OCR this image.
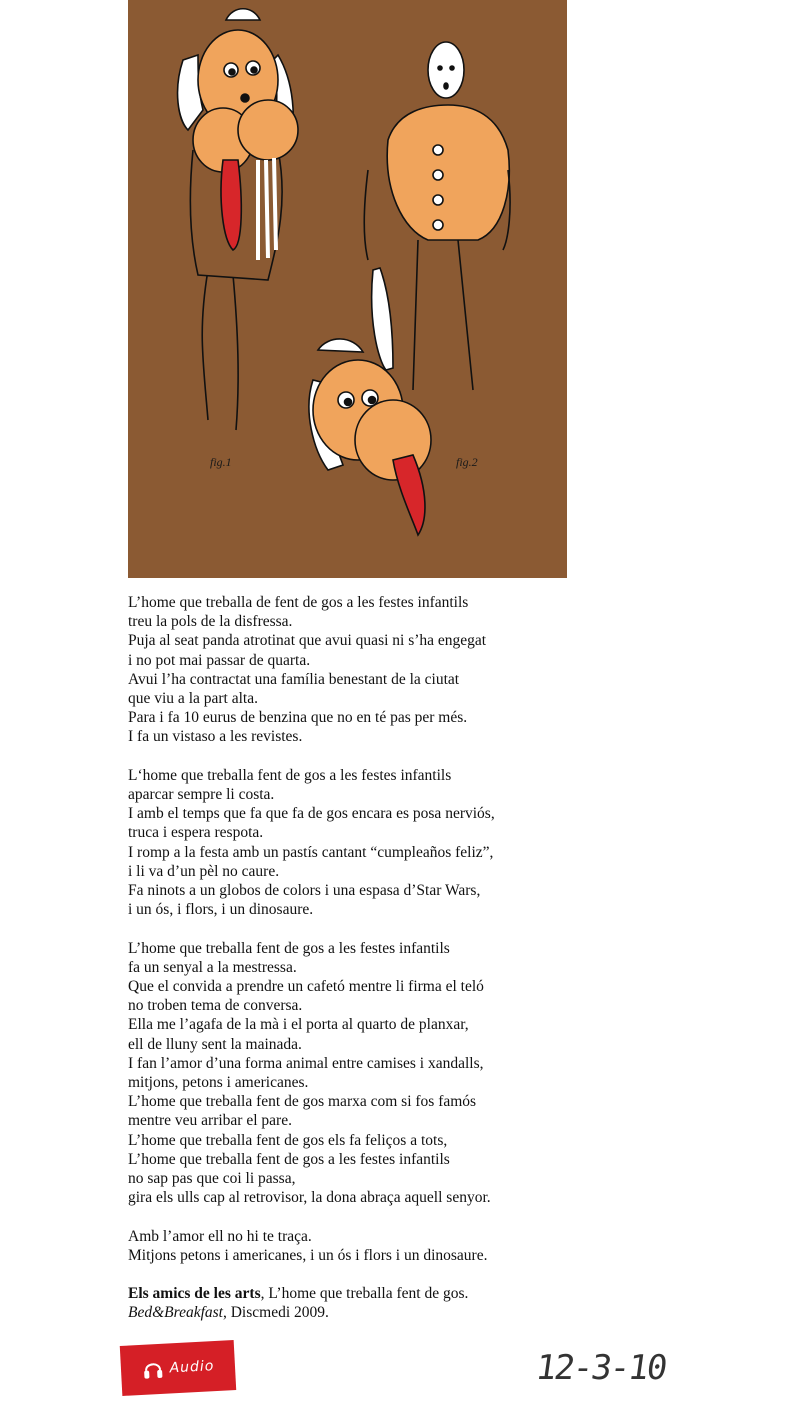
fig.1	fig.2
L’home que treballa de fent de gos a les festes infantils
treu la pols de la disfressa.
Puja al seat panda atrotinat que avui quasi ni s’ha engegat
i no pot mai passar de quarta.
Avui l’ha contractat una família benestant de la ciutat
que viu a la part alta.
Para i fa 10 eurus de benzina que no en té pas per més.
I fa un vistaso a les revistes.
L‘home que treballa fent de gos a les festes infantils
aparcar sempre li costa.
I amb el temps que fa que fa de gos encara es posa nerviós,
truca i espera respota.
I romp a la festa amb un pastís cantant “cumpleaños feliz”,
i li va d’un pèl no caure.
Fa ninots a un globos de colors i una espasa d’Star Wars,
i un ós, i flors, i un dinosaure.
L’home que treballa fent de gos a les festes infantils
fa un senyal a la mestressa.
Que el convida a prendre un cafetó mentre li firma el teló
no troben tema de conversa.
Ella me l’agafa de la mà i el porta al quarto de planxar,
ell de lluny sent la mainada.
I fan l’amor d’una forma animal entre camises i xandalls,
mitjons, petons i americanes.
L’home que treballa fent de gos marxa com si fos famós
mentre veu arribar el pare.
L’home que treballa fent de gos els fa feliços a tots,
L’home que treballa fent de gos a les festes infantils
no sap pas que coi li passa,
gira els ulls cap al retrovisor, la dona abraça aquell senyor.
Amb l’amor ell no hi te traça.
Mitjons petons i americanes, i un ós i flors i un dinosaure.
Els amics de les arts, L’home que treballa fent de gos.
Bed&Breakfast, Discmedi 2009.
Audio	12-3-10
